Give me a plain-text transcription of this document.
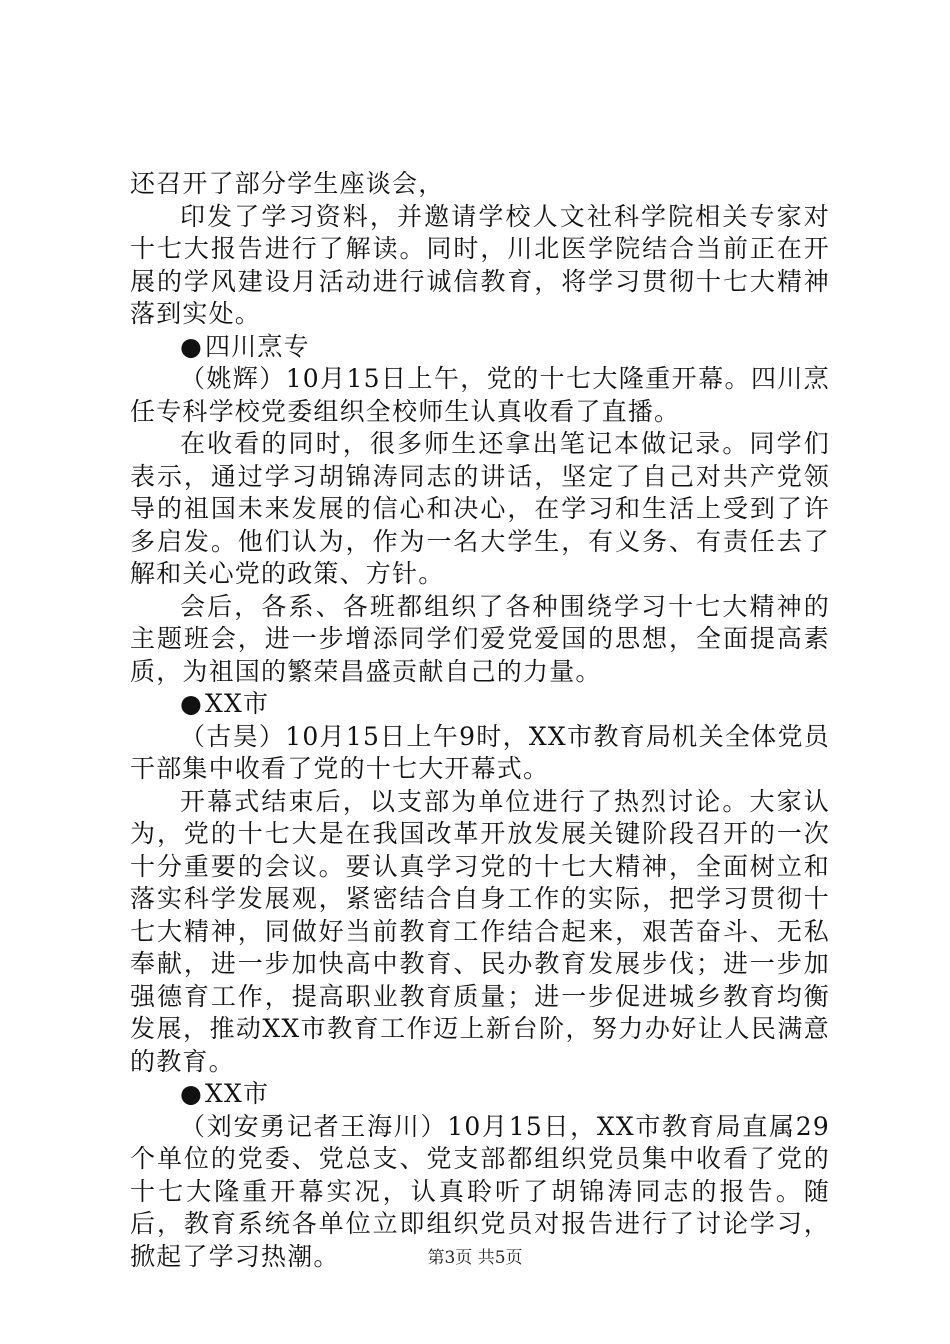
还召开了部分学生座谈会，

印发了学习资料，并邀请学校人文社科学院相关专家对十七大报告进行了解读。同时，川北医学院结合当前正在开展的学风建设月活动进行诚信教育，将学习贯彻十七大精神落到实处。

●四川烹专

（姚辉）10月15日上午，党的十七大隆重开幕。四川烹任专科学校党委组织全校师生认真收看了直播。

在收看的同时，很多师生还拿出笔记本做记录。同学们表示，通过学习胡锦涛同志的讲话，坚定了自己对共产党领导的祖国未来发展的信心和决心，在学习和生活上受到了许多启发。他们认为，作为一名大学生，有义务、有责任去了解和关心党的政策、方针。

会后，各系、各班都组织了各种围绕学习十七大精神的主题班会，进一步增添同学们爱党爱国的思想，全面提高素质，为祖国的繁荣昌盛贡献自己的力量。

●XX市

（古昊）10月15日上午9时，XX市教育局机关全体党员干部集中收看了党的十七大开幕式。

开幕式结束后，以支部为单位进行了热烈讨论。大家认为，党的十七大是在我国改革开放发展关键阶段召开的一次十分重要的会议。要认真学习党的十七大精神，全面树立和落实科学发展观，紧密结合自身工作的实际，把学习贯彻十七大精神，同做好当前教育工作结合起来，艰苦奋斗、无私奉献，进一步加快高中教育、民办教育发展步伐；进一步加强德育工作，提高职业教育质量；进一步促进城乡教育均衡发展，推动XX市教育工作迈上新台阶，努力办好让人民满意的教育。

●XX市

（刘安勇记者王海川）10月15日，XX市教育局直属29个单位的党委、党总支、党支部都组织党员集中收看了党的十七大隆重开幕实况，认真聆听了胡锦涛同志的报告。随后，教育系统各单位立即组织党员对报告进行了讨论学习，掀起了学习热潮。	第3页 共5页
